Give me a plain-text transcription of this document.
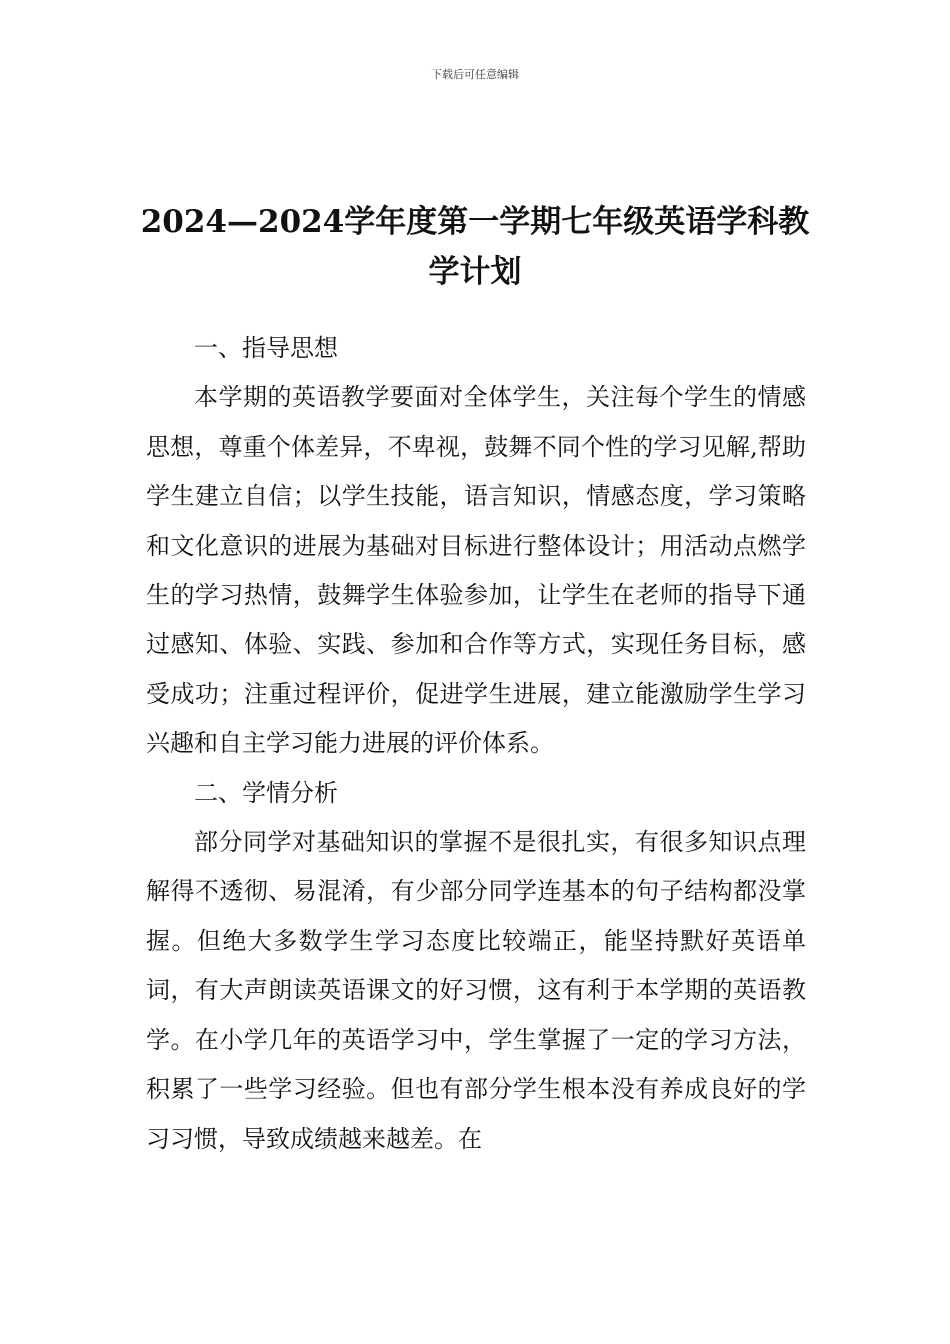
下载后可任意编辑
2024—2024学年度第一学期七年级英语学科教学计划
一、指导思想

本学期的英语教学要面对全体学生，关注每个学生的情感思想，尊重个体差异，不卑视，鼓舞不同个性的学习见解,帮助学生建立自信；以学生技能，语言知识，情感态度，学习策略和文化意识的进展为基础对目标进行整体设计；用活动点燃学生的学习热情，鼓舞学生体验参加，让学生在老师的指导下通过感知、体验、实践、参加和合作等方式，实现任务目标，感受成功；注重过程评价，促进学生进展，建立能激励学生学习兴趣和自主学习能力进展的评价体系。

二、学情分析

部分同学对基础知识的掌握不是很扎实，有很多知识点理解得不透彻、易混淆，有少部分同学连基本的句子结构都没掌握。但绝大多数学生学习态度比较端正，能坚持默好英语单词，有大声朗读英语课文的好习惯，这有利于本学期的英语教学。在小学几年的英语学习中，学生掌握了一定的学习方法，积累了一些学习经验。但也有部分学生根本没有养成良好的学习习惯，导致成绩越来越差。在
